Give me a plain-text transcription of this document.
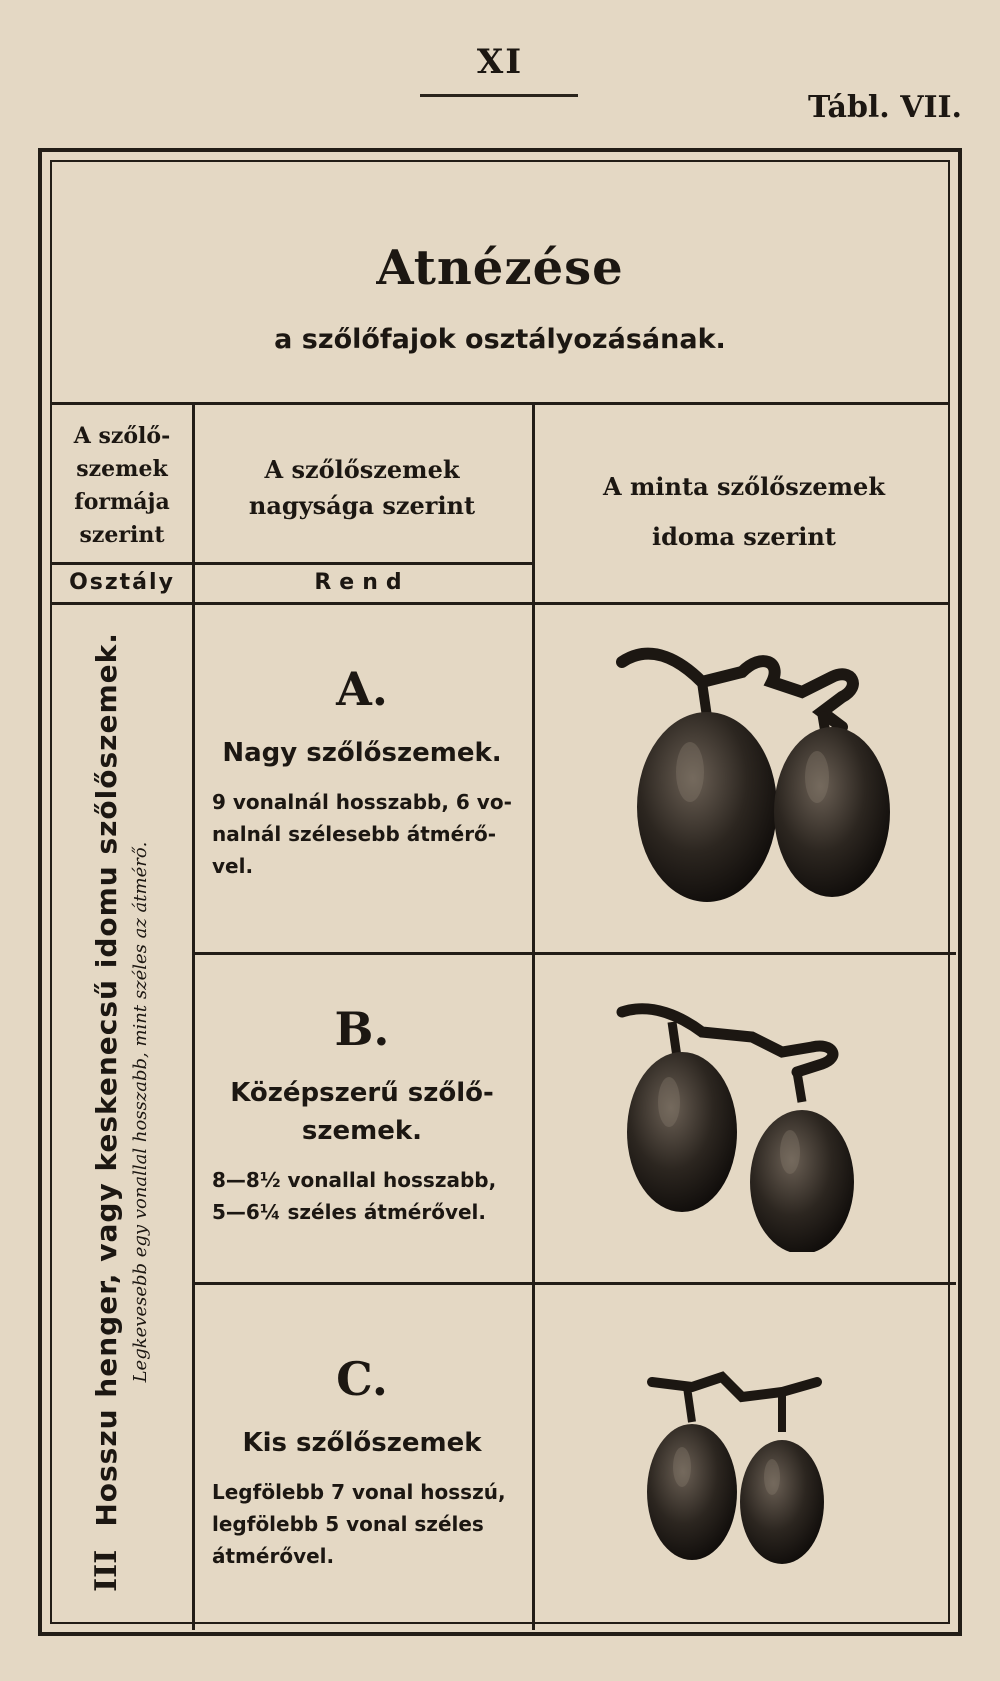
XI
Tábl. VII.
Atnézése
a szőlőfajok osztályozásának.
A szőlő-
szemek
formája
szerint
Osztály
A szőlőszemek
nagysága szerint
Rend
A minta szőlőszemek
idoma szerint
III Hosszu henger, vagy keskenecsű idomu szőlőszemek. Legkevesebb egy vonallal hosszabb, mint széles az átmérő.
A.
Nagy szőlőszemek.
9 vonalnál hosszabb, 6 vo-
nalnál szélesebb átmérő-
vel.
B.
Középszerű szőlő-
szemek.
8—8½ vonallal hosszabb,
5—6¼ széles átmérővel.
C.
Kis szőlőszemek
Legfölebb 7 vonal hosszú,
legfölebb 5 vonal széles
átmérővel.
